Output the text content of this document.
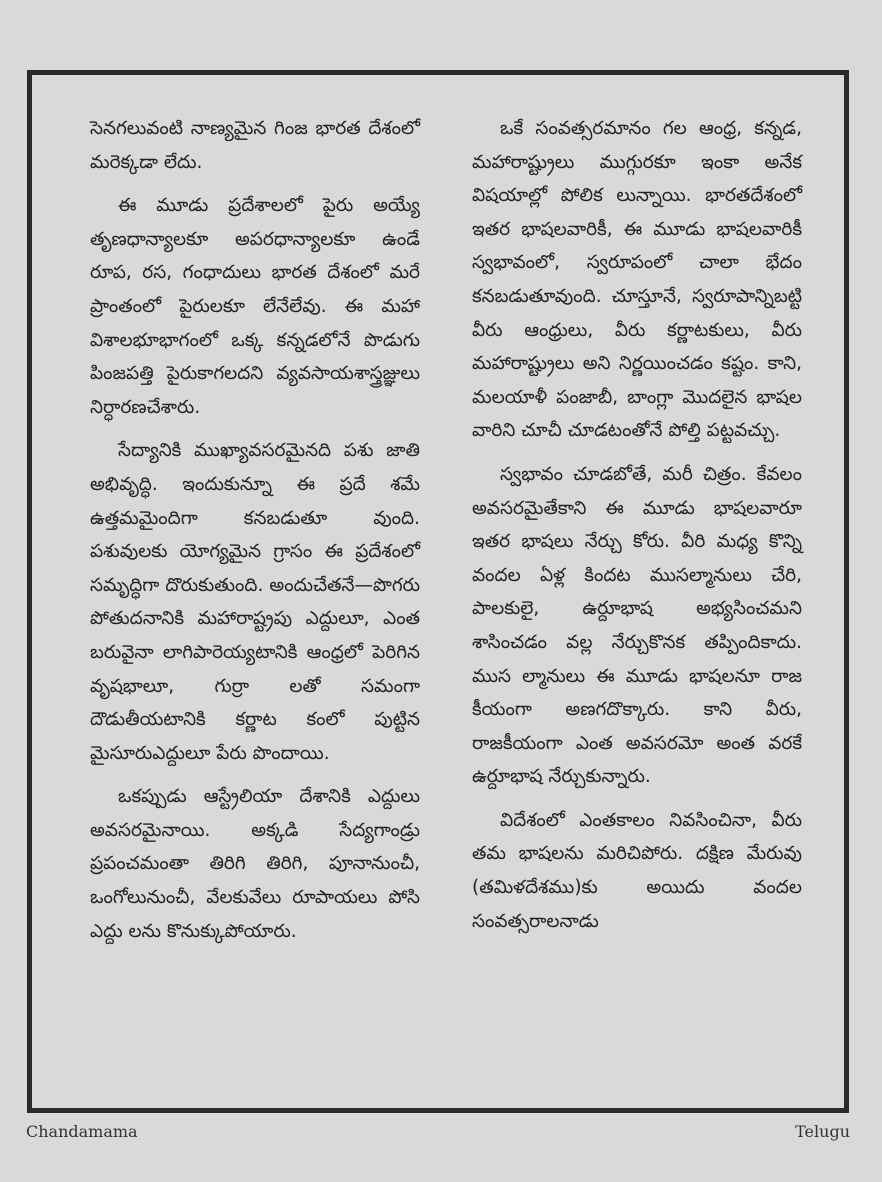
సెనగలువంటి నాణ్యమైన గింజ భారత దేశంలో మరెక్కడా లేదు.

ఈ మూడు ప్రదేశాలలో పైరు అయ్యే తృణధాన్యాలకూ అపరధాన్యాలకూ ఉండే రూప, రస, గంధాదులు భారత దేశంలో మరే ప్రాంతంలో పైరులకూ లేనేలేవు. ఈ మహా విశాలభూభాగంలో ఒక్క కన్నడలోనే పొడుగు పింజపత్తి పైరుకాగలదని వ్యవసాయశాస్త్రజ్ఞులు నిర్ధారణచేశారు.

సేద్యానికి ముఖ్యావసరమైనది పశు జాతి అభివృద్ధి. ఇందుకున్నూ ఈ ప్రదే శమే ఉత్తమమైందిగా కనబడుతూ వుంది. పశువులకు యోగ్యమైన గ్రాసం ఈ ప్రదేశంలో సమృద్ధిగా దొరుకుతుంది. అందుచేతనే—పొగరు పోతుదనానికి మహారాష్ట్రపు ఎద్దులూ, ఎంత బరువైనా లాగిపారెయ్యటానికి ఆంధ్రలో పెరిగిన వృషభాలూ, గుర్రా లతో సమంగా దౌడుతీయటానికి కర్ణాట కంలో పుట్టిన మైసూరుఎద్దులూ పేరు పొందాయి.

ఒకప్పుడు ఆస్ట్రేలియా దేశానికి ఎద్దులు అవసరమైనాయి. అక్కడి సేద్యగాండ్రు ప్రపంచమంతా తిరిగి తిరిగి, పూనానుంచీ, ఒంగోలునుంచీ, వేలకువేలు రూపాయలు పోసి ఎద్దు లను కొనుక్కుపోయారు.

ఒకే సంవత్సరమానం గల ఆంధ్ర, కన్నడ, మహారాష్ట్రులు ముగ్గురకూ ఇంకా అనేక విషయాల్లో పోలిక లున్నాయి. భారతదేశంలో ఇతర భాషలవారికీ, ఈ మూడు భాషలవారికీ స్వభావంలో, స్వరూపంలో చాలా భేదం కనబడుతూవుంది. చూస్తూనే, స్వరూపాన్నిబట్టి వీరు ఆంధ్రులు, వీరు కర్ణాటకులు, వీరు మహారాష్ట్రులు అని నిర్ణయించడం కష్టం. కాని, మలయాళీ పంజాబీ, బాంగ్లా మొదలైన భాషల వారిని చూచీ చూడటంతోనే పోల్తి పట్టవచ్చు.

స్వభావం చూడబోతే, మరీ చిత్రం. కేవలం అవసరమైతేకాని ఈ మూడు భాషలవారూ ఇతర భాషలు నేర్చు కోరు. వీరి మధ్య కొన్ని వందల ఏళ్ల కిందట ముసల్మానులు చేరి, పాలకులై, ఉర్దూభాష అభ్యసించమని శాసించడం వల్ల నేర్చుకొనక తప్పిందికాదు. ముస ల్మానులు ఈ మూడు భాషలనూ రాజ కీయంగా అణగదొక్కారు. కాని వీరు, రాజకీయంగా ఎంత అవసరమో అంత వరకే ఉర్దూభాష నేర్చుకున్నారు.

విదేశంలో ఎంతకాలం నివసించినా, వీరు తమ భాషలను మరిచిపోరు. దక్షిణ మేరువు (తమిళదేశము)కు అయిదు వందల సంవత్సరాలనాడు

Chandamama	Telugu
